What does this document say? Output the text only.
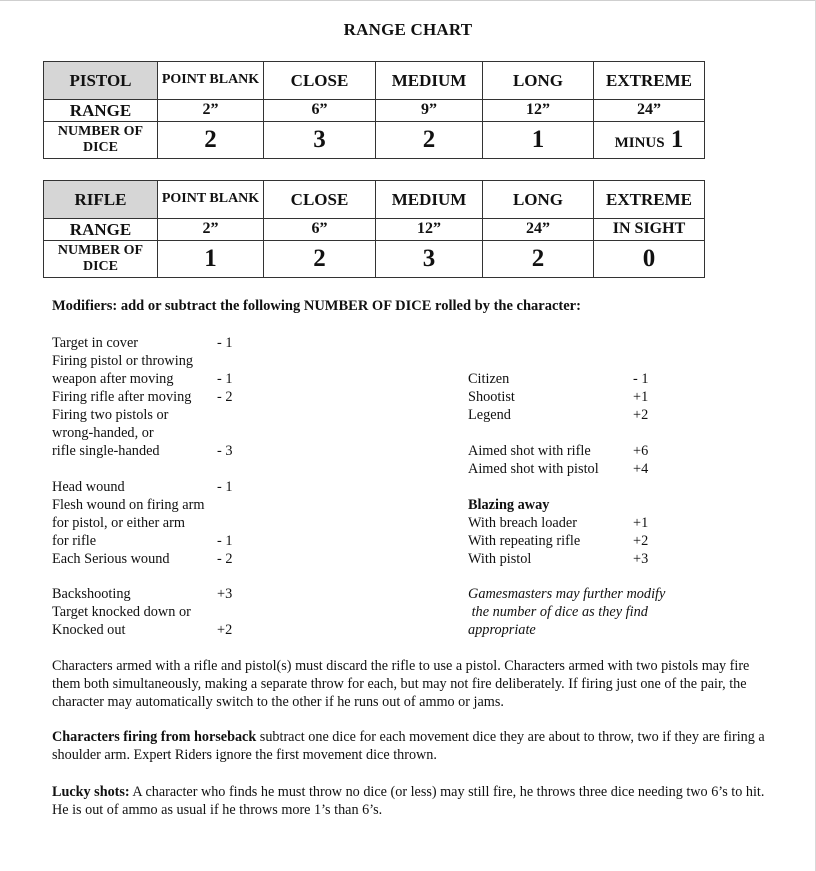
RANGE CHART
PISTOL	POINT BLANK	CLOSE	MEDIUM	LONG	EXTREME
RANGE	2”	6”	9”	12”	24”
NUMBER OF DICE	2	3	2	1	MINUS 1
RIFLE	POINT BLANK	CLOSE	MEDIUM	LONG	EXTREME
RANGE	2”	6”	12”	24”	IN SIGHT
NUMBER OF DICE	1	2	3	2	0
Modifiers: add or subtract the following NUMBER OF DICE rolled by the character:
Target in cover	- 1
Firing pistol or throwing
weapon after moving	- 1
Firing rifle after moving - 2
Firing two pistols or
wrong-handed, or
rifle single-handed	- 3
Head wound	- 1
Flesh wound on firing arm
for pistol, or either arm
for rifle	- 1
Each Serious wound	- 2
Backshooting	+3
Target knocked down or
Knocked out	+2
Citizen	- 1
Shootist	+1
Legend	+2
Aimed shot with rifle	+6
Aimed shot with pistol +4
Blazing away
With breach loader	+1
With repeating rifle	+2
With pistol	+3
Gamesmasters may further modify
the number of dice as they find
appropriate
Characters armed with a rifle and pistol(s) must discard the rifle to use a pistol. Characters armed with two pistols may fire them both simultaneously, making a separate throw for each, but may not fire deliberately. If firing just one of the pair, the character may automatically switch to the other if he runs out of ammo or jams.
Characters firing from horseback subtract one dice for each movement dice they are about to throw, two if they are firing a shoulder arm. Expert Riders ignore the first movement dice thrown.
Lucky shots: A character who finds he must throw no dice (or less) may still fire, he throws three dice needing two 6’s to hit. He is out of ammo as usual if he throws more 1’s than 6’s.
